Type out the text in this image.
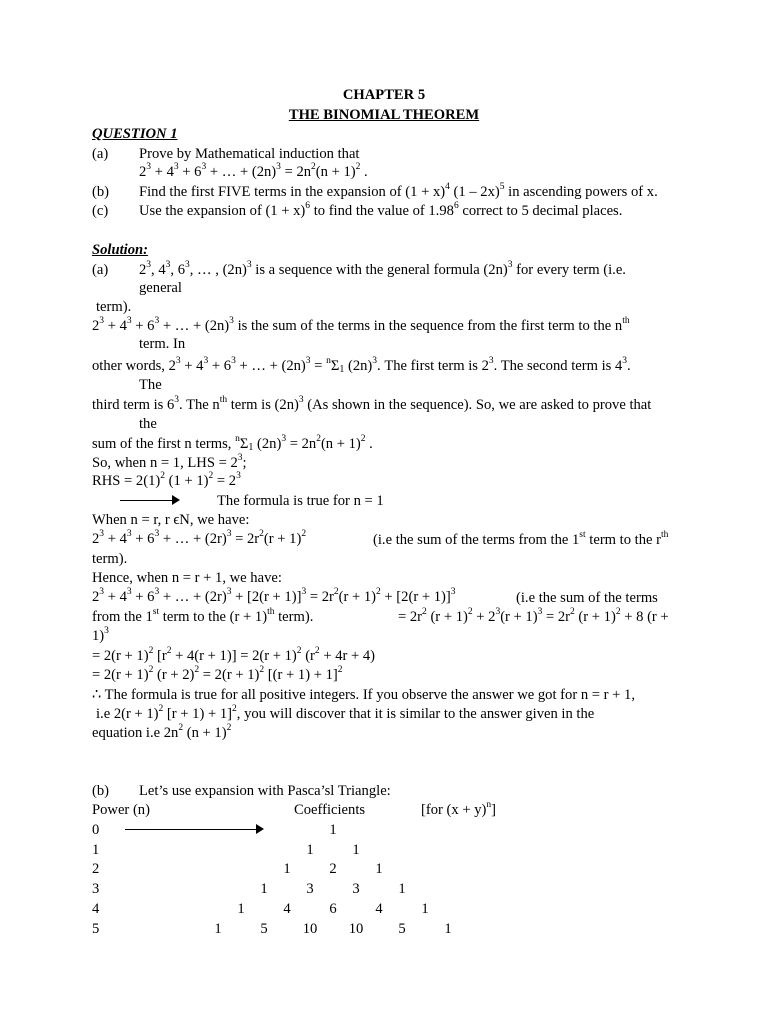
CHAPTER 5
THE BINOMIAL THEOREM
QUESTION 1
(a) Prove by Mathematical induction that
$2^3 + 4^3 + 6^3$ + … + $(2n)^3 = 2n^2(n + 1)^2$ .
(b) Find the first FIVE terms in the expansion of $(1 + x)^4$ (1 – 2x)$^5$ in ascending powers of x.
(c) Use the expansion of $(1 + x)^6$ to find the value of 1.98$^6$ correct to 5 decimal places.
Solution:
(a) $2^3$, $4^3$, $6^3$, … , $(2n)^3$ is a sequence with the general formula $(2n)^3$ for every term (i.e.
general
term).
$2^3 + 4^3 + 6^3$ + … + $(2n)^3$ is the sum of the terms in the sequence from the first term to the $n^{th}$
term. In
other words, $2^3 + 4^3 + 6^3$ + … + $(2n)^3 = ^n\Sigma 1$ $(2n)^3$. The first term is $2^3$. The second term is $4^3$.
The
third term is $6^3$. The $n^{th}$ term is $(2n)^3$ (As shown in the sequence). So, we are asked to prove that
the
sum of the first n terms, $^n$Σ1 $(2n)^3 = 2n^2(n + 1)^2$ .
So, when n = 1, LHS = $2^3$;
RHS = $2(1)^2$ $(1 + 1)^2 = 2^3$
The formula is true for n = 1
When n = r, r ϵN, we have:
$2^3 + 4^3 + 6^3$ + … + $(2r)^3 = 2r^2(r + 1)^2$	(i.e the sum of the terms from the 1st term to the $r^{th}$
term).
Hence, when n = r + 1, we have:
$2^3 + 4^3 + 6^3$ + … + $(2r)^3 + [2(r + 1)]^3 = 2r^2(r + 1)^2 + [2(r + 1)]^3$	(i.e the sum of the terms
from the 1st term to the $(r + 1)^{th}$ term).	= $2r^2$ $(r + 1)^2 + 2^3(r + 1)^3 = 2r^2$ $(r + 1)^2 + 8$ (r +
1)$^3$
= $2(r + 1)^2$ $[r^2 + 4(r + 1)] = 2(r + 1)^2$ $(r^2 + 4r + 4)$
= $2(r + 1)^2$ $(r + 2)^2 = 2(r + 1)^2$ $[(r + 1) + 1]^2$
∴ The formula is true for all positive integers. If you observe the answer we got for n = r + 1,
i.e $2(r + 1)^2$ $[r + 1) + 1]^2$, you will discover that it is similar to the answer given in the
equation i.e $2n^2$ $(n + 1)^2$
(b) Let’s use expansion with Pasca’sl Triangle:
Power (n)	Coefficients	[for $(x + y)^n$]
0	1
1	1	1
2	1	2	1
3	1	3	3	1
4	1	4	6	4	1
5	1	5	10	10	5	1
